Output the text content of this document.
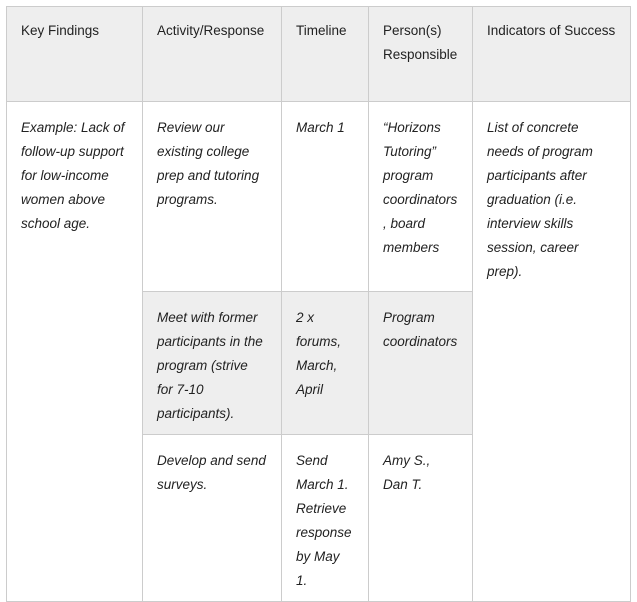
Key Findings	Activity/Response	Timeline	Person(s) Responsible	Indicators of Success
Example: Lack of follow-up support for low-income women above school age.	Review our existing college prep and tutoring programs.	March 1	“Horizons Tutoring” program coordinators , board members	List of concrete needs of program participants after graduation (i.e. interview skills session, career prep).
	Meet with former participants in the program (strive for 7-10 participants).	2 x forums, March, April	Program coordinators	
	Develop and send surveys.	Send March 1. Retrieve response by May 1.	Amy S., Dan T.	
